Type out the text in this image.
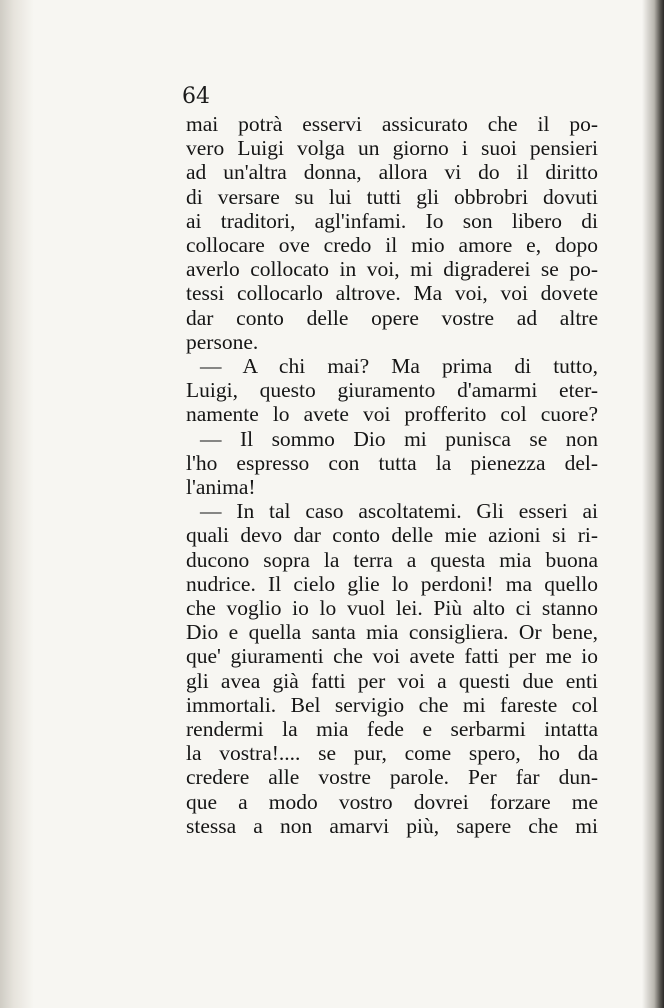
64

mai potrà esservi assicurato che il po-
vero Luigi volga un giorno i suoi pensieri
ad un'altra donna, allora vi do il diritto
di versare su lui tutti gli obbrobri dovuti
ai traditori, agl'infami. Io son libero di
collocare ove credo il mio amore e, dopo
averlo collocato in voi, mi digraderei se po-
tessi collocarlo altrove. Ma voi, voi dovete
dar conto delle opere vostre ad altre
persone.
— A chi mai? Ma prima di tutto,
Luigi, questo giuramento d'amarmi eter-
namente lo avete voi profferito col cuore?
— Il sommo Dio mi punisca se non
l'ho espresso con tutta la pienezza del-
l'anima!
— In tal caso ascoltatemi. Gli esseri ai
quali devo dar conto delle mie azioni si ri-
ducono sopra la terra a questa mia buona
nudrice. Il cielo glie lo perdoni! ma quello
che voglio io lo vuol lei. Più alto ci stanno
Dio e quella santa mia consigliera. Or bene,
que' giuramenti che voi avete fatti per me io
gli avea già fatti per voi a questi due enti
immortali. Bel servigio che mi fareste col
rendermi la mia fede e serbarmi intatta
la vostra!.... se pur, come spero, ho da
credere alle vostre parole. Per far dun-
que a modo vostro dovrei forzare me
stessa a non amarvi più, sapere che mi
